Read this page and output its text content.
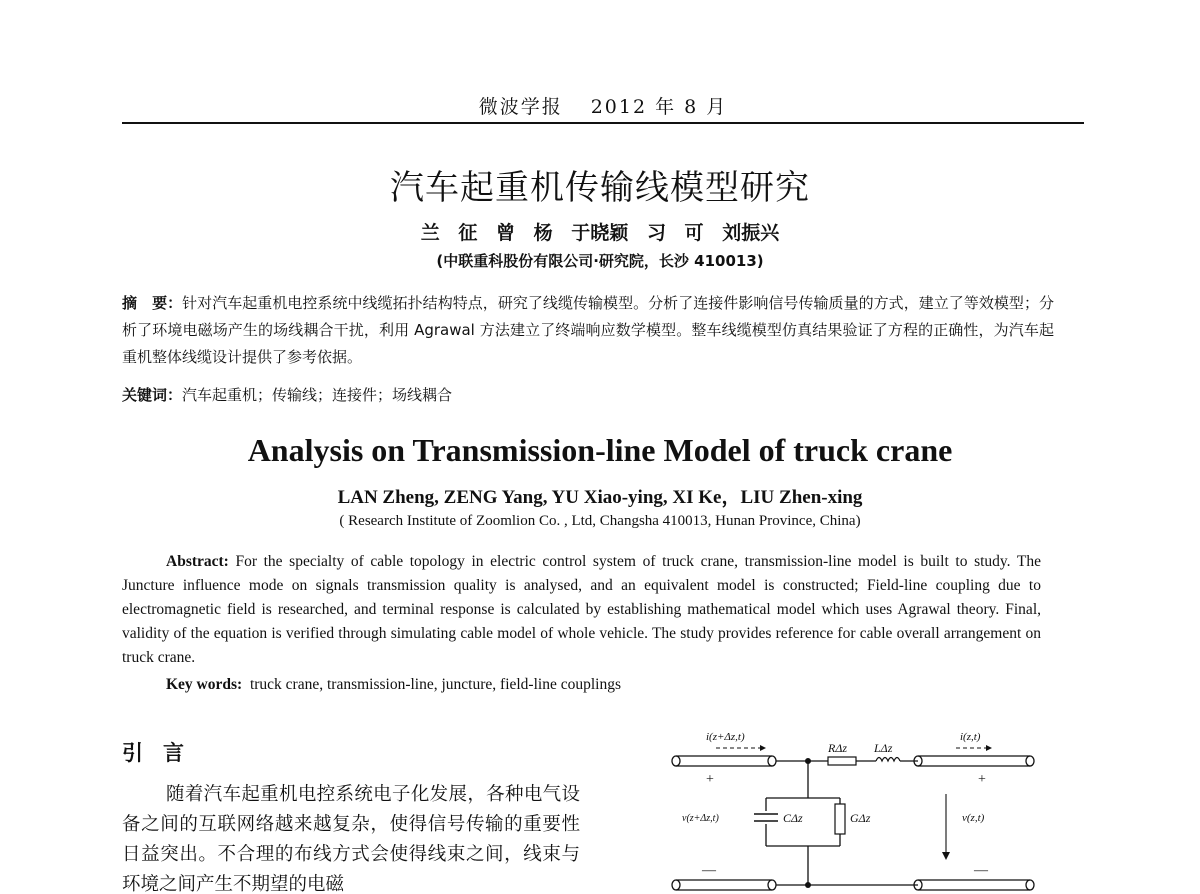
微波学报 2012 年 8 月
汽车起重机传输线模型研究
兰 征 曾 杨 于晓颖 习 可 刘振兴
(中联重科股份有限公司·研究院，长沙 410013)
摘　要：针对汽车起重机电控系统中线缆拓扑结构特点，研究了线缆传输模型。分析了连接件影响信号传输质量的方式，建立了等效模型；分析了环境电磁场产生的场线耦合干扰，利用 Agrawal 方法建立了终端响应数学模型。整车线缆模型仿真结果验证了方程的正确性，为汽车起重机整体线缆设计提供了参考依据。
关键词：汽车起重机；传输线；连接件；场线耦合
Analysis on Transmission-line Model of truck crane
LAN Zheng, ZENG Yang, YU Xiao-ying, XI Ke，LIU Zhen-xing
( Research Institute of Zoomlion Co. , Ltd, Changsha 410013, Hunan Province, China)
Abstract: For the specialty of cable topology in electric control system of truck crane, transmission-line model is built to study. The Juncture influence mode on signals transmission quality is analysed, and an equivalent model is constructed; Field-line coupling due to electromagnetic field is researched, and terminal response is calculated by establishing mathematical model which uses Agrawal theory. Final, validity of the equation is verified through simulating cable model of whole vehicle. The study provides reference for cable overall arrangement on truck crane.
Key words: truck crane, transmission-line, juncture, field-line couplings
引言
随着汽车起重机电控系统电子化发展，各种电气设备之间的互联网络越来越复杂，使得信号传输的重要性日益突出。不合理的布线方式会使得线束之间，线束与环境之间产生不期望的电磁
i(z+Δz,t)	i(z,t)
RΔz LΔz
CΔz	GΔz
v(z+Δz,t)	v(z,t)
+	+
—	—
